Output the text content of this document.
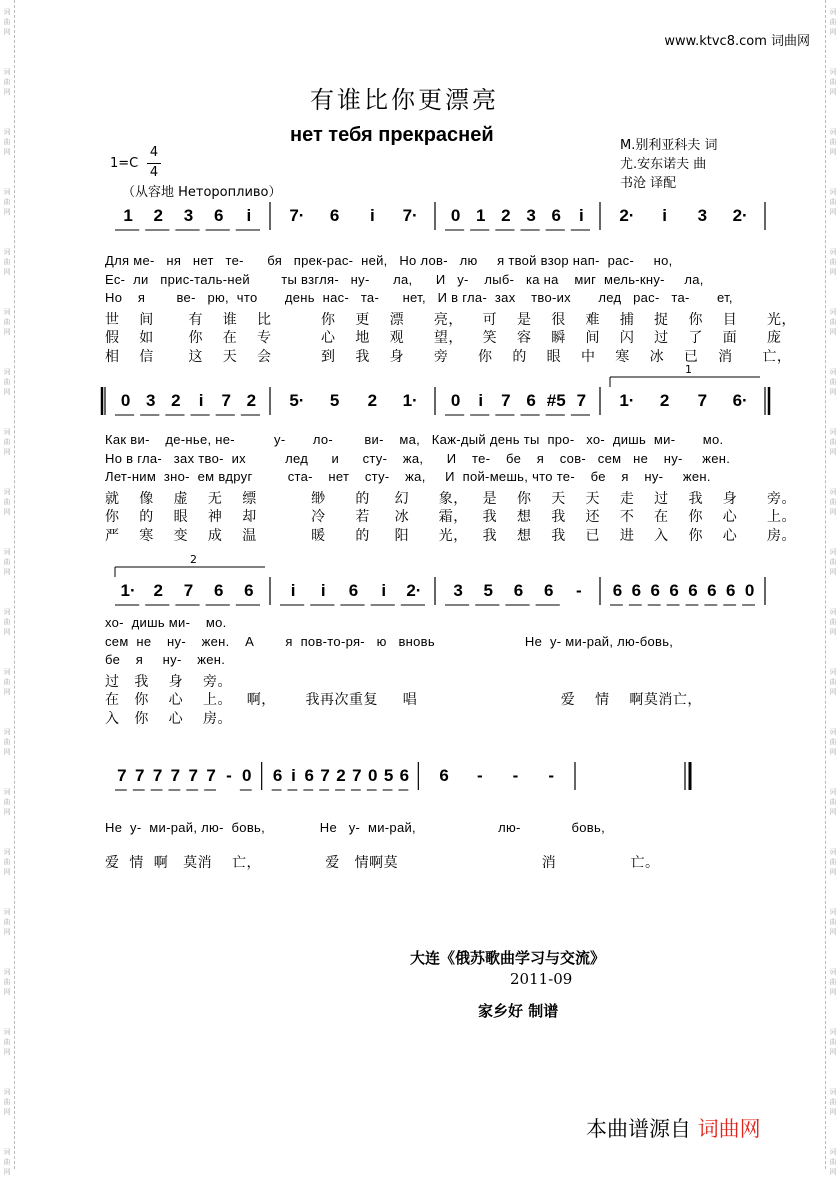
词
曲
网
词
曲
网
词
曲
网
词
曲
网
词
曲
网
词
曲
网
词
曲
网
词
曲
网
词
曲
网
词
曲
网
词
曲
网
词
曲
网
词
曲
网
词
曲
网
词
曲
网
词
曲
网
词
曲
网
词
曲
网
词
曲
网
词
曲
网
词
曲
网
词
曲
网
词
曲
网
词
曲
网
词
曲
网
词
曲
网
词
曲
网
词
曲
网
词
曲
网
词
曲
网
词
曲
网
词
曲
网
词
曲
网
词
曲
网
词
曲
网
词
曲
网
词
曲
网
词
曲
网
词
曲
网
词
曲
网
www.ktvc8.com 词曲网
有谁比你更漂亮
нет тебя прекрасней
1=C
4
4
（从容地 Неторопливо）
M.别利亚科夫 词
尤.安东诺夫 曲
书沧 译配
1	2	3	6	i	7·	6	i	7·	0 1 2 3 6	i	2·	i	3	2·
Для ме-   ня   нет   те-      бя   прек-рас-  ней,   Но лов-   лю     я твой взор нап-  рас-     но,
Ес-  ли   прис-таль-ней        ты взгля-   ну-      ла,      И   у-    лыб-   ка на    миг  мель-кну-     ла,
Но    я        ве-   рю,  что       день  нас-   та-      нет,   И в гла-  зах    тво-их       лед   рас-   та-       ет,
世    间       有    谁    比          你    更    漂      亮，    可    是    很    难    捕    捉    你    目      光，
假    如       你    在    专          心    地    观      望，    笑    容    瞬    间    闪    过    了    面      庞
相    信       这    天    会          到    我    身      旁      你    的    眼    中    寒    冰    已    消      亡，
1
0 3 2	i	7 2	5·	5	2	1·	0	i	7 6 #5 7	1·	2	7	6·
Как ви-    де-нье, не-          у-       ло-        ви-    ма,   Каж-дый день ты  про-   хо-  дишь  ми-       мо.
Но в гла-   зах тво-  их          лед      и      сту-    жа,      И    те-    бе    я    сов-   сем   не    ну-     жен.
Лет-ним  зно-  ем вдруг         ста-    нет    сту-    жа,     И  пой-мешь, что те-    бе    я    ну-     жен.
就    像    虚    无    缥           缈      的     幻      象，   是    你    天    天    走    过    我    身      旁。
你    的    眼    神    却           冷      若     冰      霜，   我    想    我    还    不    在    你    心      上。
严    寒    变    成    温           暖      的     阳      光，   我    想    我    已    进    入    你    心      房。
2
1·	2	7	6	6	i	i	6	i	2·	3	5	6	6	-	6 6 6 6 6 6 6 0
хо-  дишь ми-    мо.
сем  не    ну-    жен.    А        я  пов-то-ря-   ю   вновь                       Не  у- ми-рай, лю-бовь,
бе    я     ну-    жен.
过   我    身    旁。
在   你    心    上。   啊，      我再次重复     唱                             爱    情    啊莫消亡，
入   你    心    房。
7 7 7 7 7 7 - 0 6 i 6 7 2 7 0 5 6	6	-	-	-
Не  у-  ми-рай, лю-  бовь,              Не   у-  ми-рай,                     лю-             бовь,
爱  情  啊   莫消    亡，             爱   情啊莫                             消               亡。
大连《俄苏歌曲学习与交流》
2011-09
家乡好 制谱
本曲谱源自 词曲网
